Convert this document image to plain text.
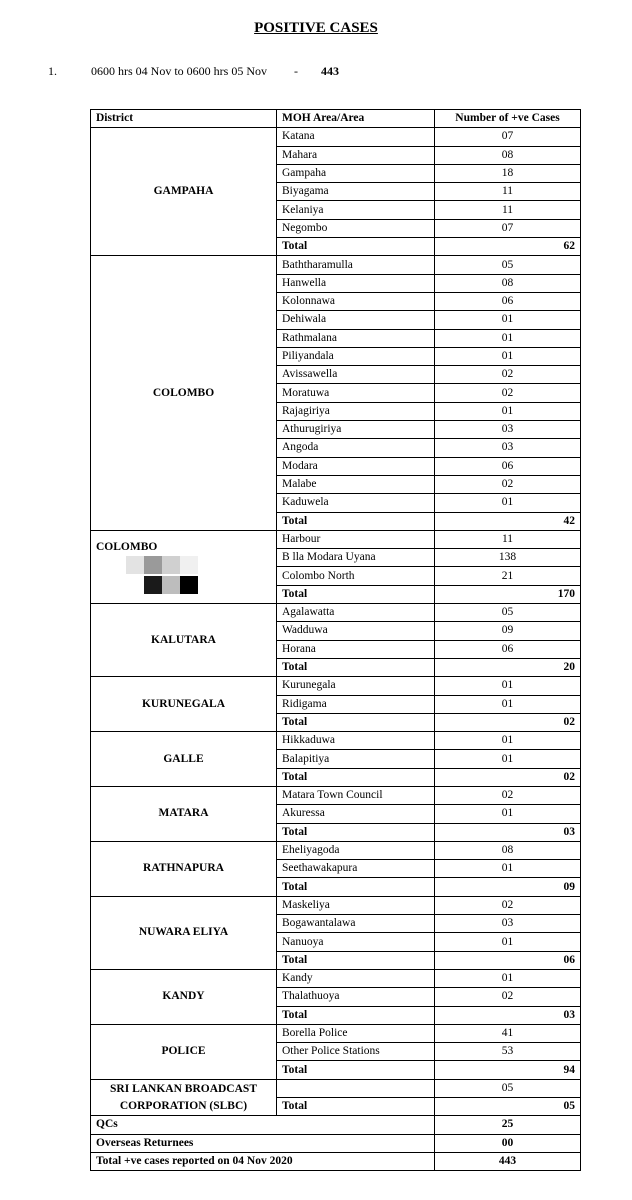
POSITIVE CASES
1.	0600 hrs 04 Nov to 0600 hrs 05 Nov - 443
District	MOH Area/Area	Number of +ve Cases
GAMPAHA	Katana	07
	Mahara	08
	Gampaha	18
	Biyagama	11
	Kelaniya	11
	Negombo	07
	Total	62
COLOMBO	Baththaramulla	05
	Hanwella	08
	Kolonnawa	06
	Dehiwala	01
	Rathmalana	01
	Piliyandala	01
	Avissawella	02
	Moratuwa	02
	Rajagiriya	01
	Athurugiriya	03
	Angoda	03
	Modara	06
	Malabe	02
	Kaduwela	01
	Total	42
COLOMBO	Harbour	11
	B lla Modara Uyana	138
	Colombo North	21
	Total	170
KALUTARA	Agalawatta	05
	Wadduwa	09
	Horana	06
	Total	20
KURUNEGALA	Kurunegala	01
	Ridigama	01
	Total	02
GALLE	Hikkaduwa	01
	Balapitiya	01
	Total	02
MATARA	Matara Town Council	02
	Akuressa	01
	Total	03
RATHNAPURA	Eheliyagoda	08
	Seethawakapura	01
	Total	09
NUWARA ELIYA	Maskeliya	02
	Bogawantalawa	03
	Nanuoya	01
	Total	06
KANDY	Kandy	01
	Thalathuoya	02
	Total	03
POLICE	Borella Police	41
	Other Police Stations	53
	Total	94
SRI LANKAN BROADCAST CORPORATION (SLBC)		05
	Total	05
QCs		25
Overseas Returnees		00
Total +ve cases reported on 04 Nov 2020		443
